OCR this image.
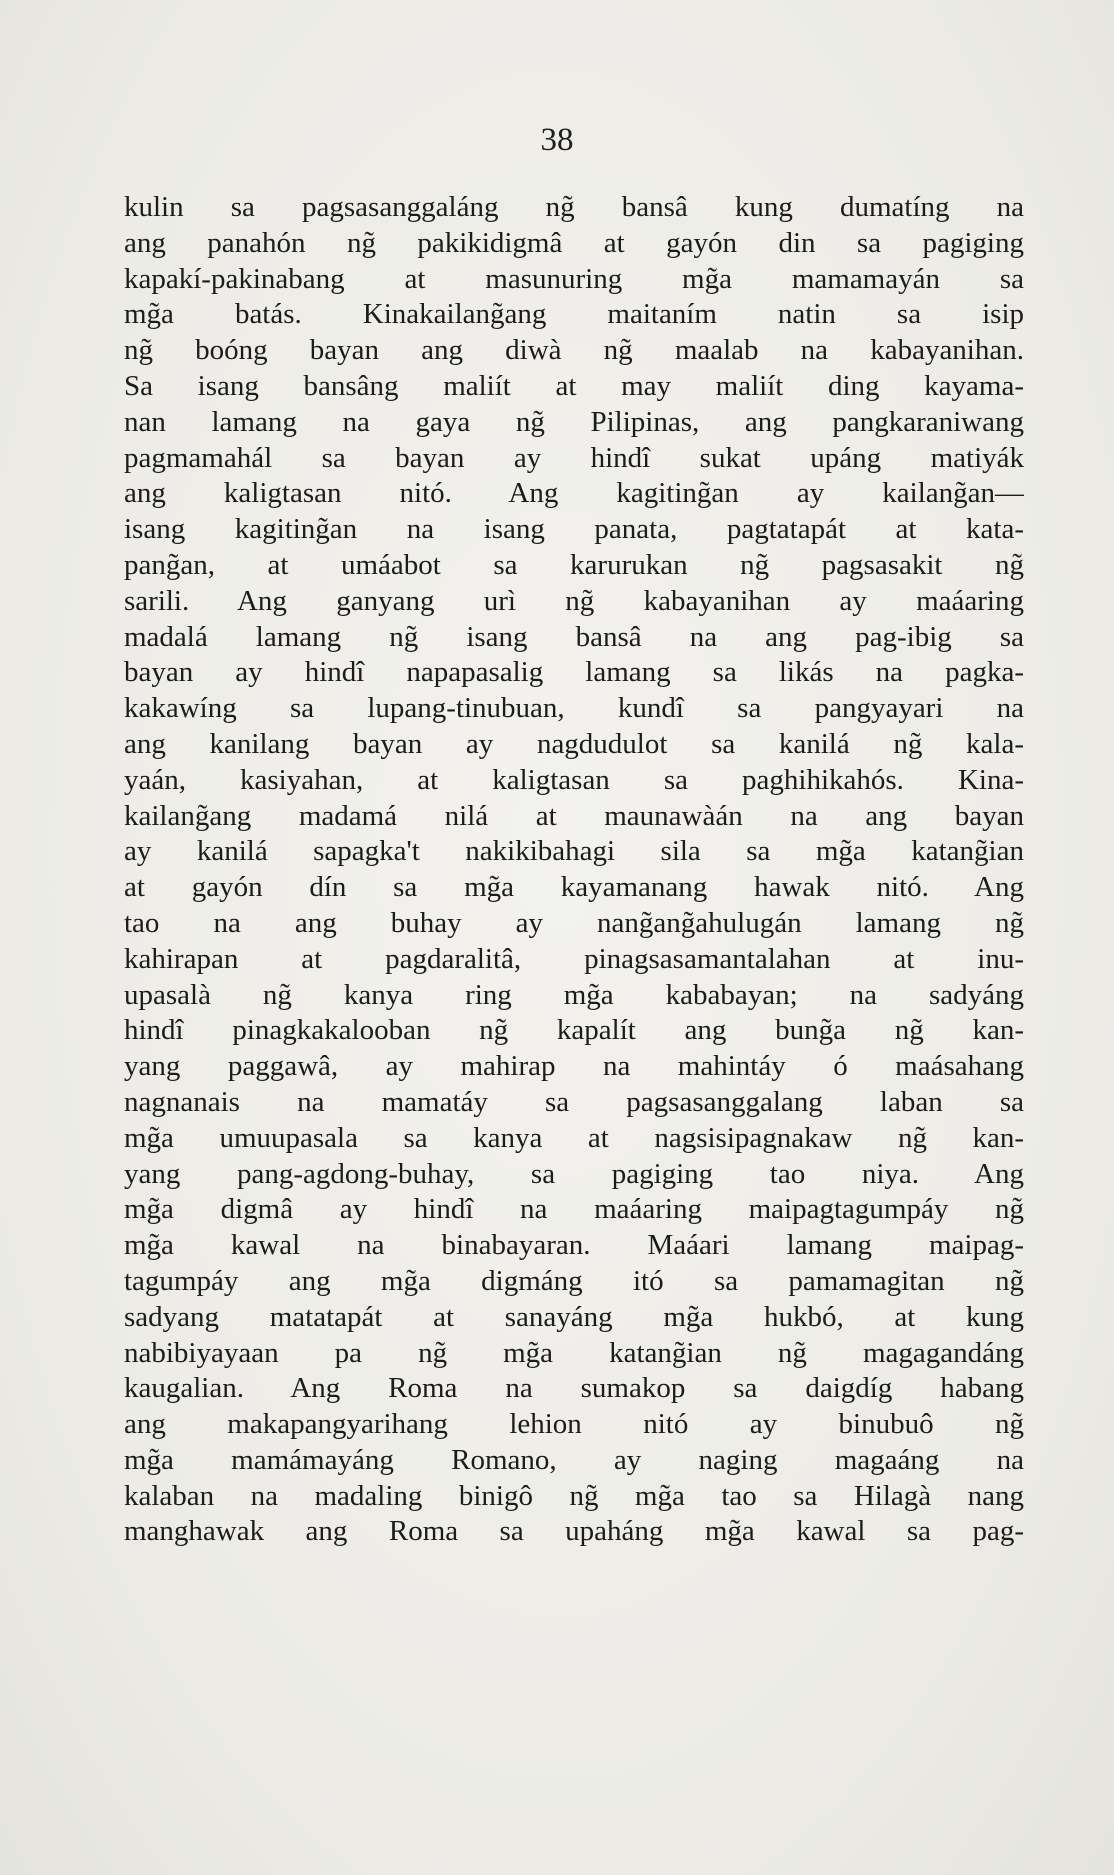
38
kulin sa pagsasanggaláng ng̃ bansâ kung dumatíng na
ang panahón ng̃ pakikidigmâ at gayón din sa pagiging
kapakí-pakinabang at masunuring mg̃a mamamayán sa
mg̃a batás. Kinakailang̃ang maitaním natin sa isip
ng̃ boóng bayan ang diwà ng̃ maalab na kabayanihan.
Sa isang bansâng maliít at may maliít ding kayama-
nan lamang na gaya ng̃ Pilipinas, ang pangkaraniwang
pagmamahál sa bayan ay hindî sukat upáng matiyák
ang kaligtasan nitó. Ang kagiting̃an ay kailang̃an—
isang kagiting̃an na isang panata, pagtatapát at kata-
pang̃an, at umáabot sa karurukan ng̃ pagsasakit ng̃
sarili. Ang ganyang urì ng̃ kabayanihan ay maáaring
madalá lamang ng̃ isang bansâ na ang pag-ibig sa
bayan ay hindî napapasalig lamang sa likás na pagka-
kakawíng sa lupang-tinubuan, kundî sa pangyayari na
ang kanilang bayan ay nagdudulot sa kanilá ng̃ kala-
yaán, kasiyahan, at kaligtasan sa paghihikahós. Kina-
kailang̃ang madamá nilá at maunawàán na ang bayan
ay kanilá sapagka't nakikibahagi sila sa mg̃a katang̃ian
at gayón dín sa mg̃a kayamanang hawak nitó. Ang
tao na ang buhay ay nang̃ang̃ahulugán lamang ng̃
kahirapan at pagdaralitâ, pinagsasamantalahan at inu-
upasalà ng̃ kanya ring mg̃a kababayan; na sadyáng
hindî pinagkakalooban ng̃ kapalít ang bung̃a ng̃ kan-
yang paggawâ, ay mahirap na mahintáy ó maásahang
nagnanais na mamatáy sa pagsasanggalang laban sa
mg̃a umuupasala sa kanya at nagsisipagnakaw ng̃ kan-
yang pang-agdong-buhay, sa pagiging tao niya. Ang
mg̃a digmâ ay hindî na maáaring maipagtagumpáy ng̃
mg̃a kawal na binabayaran. Maáari lamang maipag-
tagumpáy ang mg̃a digmáng itó sa pamamagitan ng̃
sadyang matatapát at sanayáng mg̃a hukbó, at kung
nabibiyayaan pa ng̃ mg̃a katang̃ian ng̃ magagandáng
kaugalian. Ang Roma na sumakop sa daigdíg habang
ang makapangyarihang lehion nitó ay binubuô ng̃
mg̃a mamámayáng Romano, ay naging magaáng na
kalaban na madaling binigô ng̃ mg̃a tao sa Hilagà nang
manghawak ang Roma sa upaháng mg̃a kawal sa pag-
